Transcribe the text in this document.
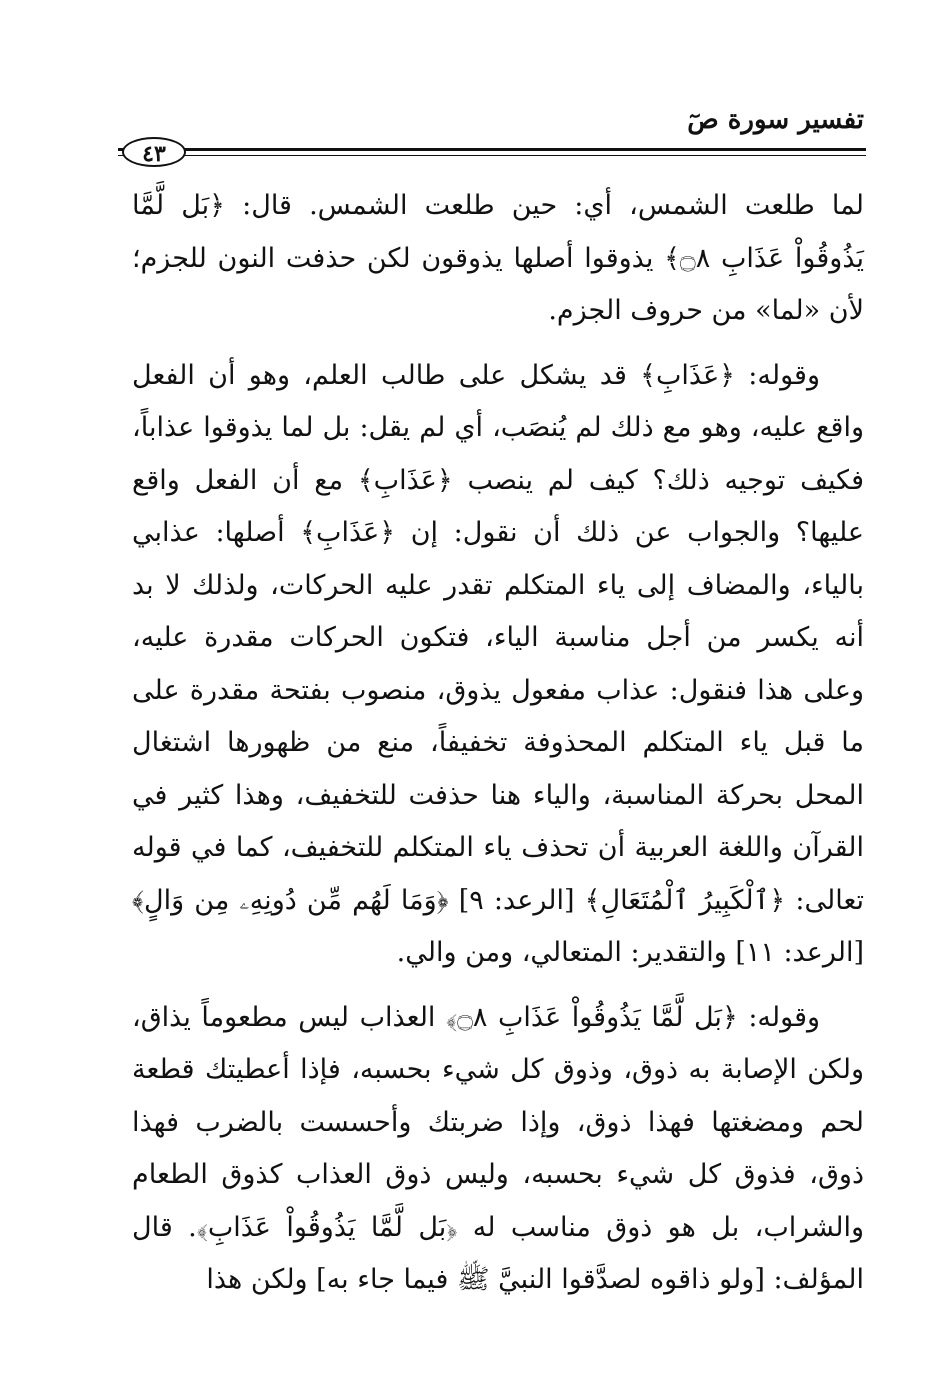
تفسير سورة صٓ
٤٣

لما طلعت الشمس، أي: حين طلعت الشمس. قال: ﴿بَل لَّمَّا يَذُوقُواْ عَذَابِ ۝٨﴾ يذوقوا أصلها يذوقون لكن حذفت النون للجزم؛ لأن «لما» من حروف الجزم.

وقوله: ﴿عَذَابِ﴾ قد يشكل على طالب العلم، وهو أن الفعل واقع عليه، وهو مع ذلك لم يُنصَب، أي لم يقل: بل لما يذوقوا عذاباً، فكيف توجيه ذلك؟ كيف لم ينصب ﴿عَذَابِ﴾ مع أن الفعل واقع عليها؟ والجواب عن ذلك أن نقول: إن ﴿عَذَابِ﴾ أصلها: عذابي بالياء، والمضاف إلى ياء المتكلم تقدر عليه الحركات، ولذلك لا بد أنه يكسر من أجل مناسبة الياء، فتكون الحركات مقدرة عليه، وعلى هذا فنقول: عذاب مفعول يذوق، منصوب بفتحة مقدرة على ما قبل ياء المتكلم المحذوفة تخفيفاً، منع من ظهورها اشتغال المحل بحركة المناسبة، والياء هنا حذفت للتخفيف، وهذا كثير في القرآن واللغة العربية أن تحذف ياء المتكلم للتخفيف، كما في قوله تعالى: ﴿ٱلْكَبِيرُ ٱلْمُتَعَالِ﴾ [الرعد: ٩] ﴿وَمَا لَهُم مِّن دُونِهِۦ مِن وَالٍ﴾ [الرعد: ١١] والتقدير: المتعالي، ومن والي.

وقوله: ﴿بَل لَّمَّا يَذُوقُواْ عَذَابِ ۝٨﴾ العذاب ليس مطعوماً يذاق، ولكن الإصابة به ذوق، وذوق كل شيء بحسبه، فإذا أعطيتك قطعة لحم ومضغتها فهذا ذوق، وإذا ضربتك وأحسست بالضرب فهذا ذوق، فذوق كل شيء بحسبه، وليس ذوق العذاب كذوق الطعام والشراب، بل هو ذوق مناسب له ﴿بَل لَّمَّا يَذُوقُواْ عَذَابِ﴾. قال المؤلف: [ولو ذاقوه لصدَّقوا النبيَّ ﷺ فيما جاء به] ولكن هذا
